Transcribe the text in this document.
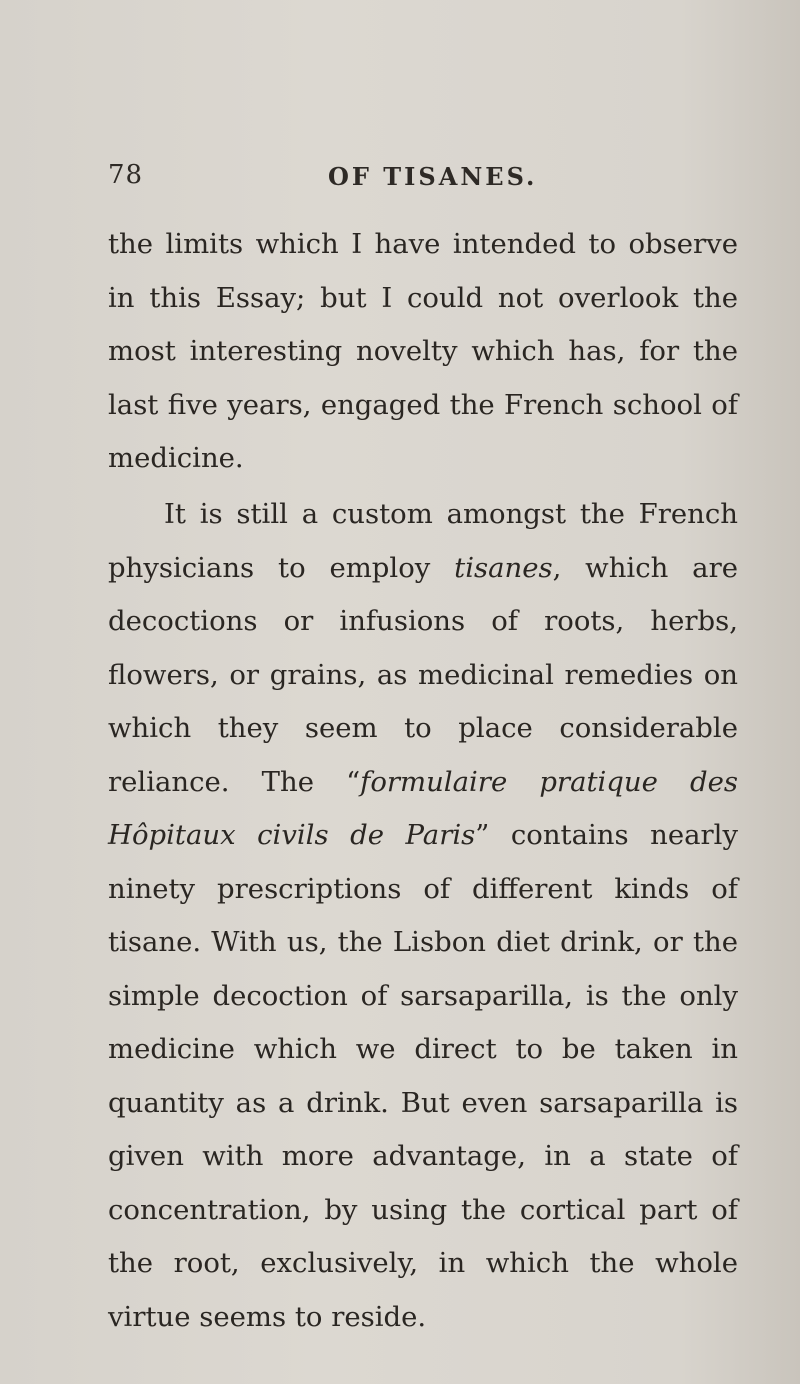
78	OF TISANES.

the limits which I have intended to observe in this Essay; but I could not overlook the most interesting novelty which has, for the last five years, engaged the French school of medicine.

It is still a custom amongst the French physicians to employ tisanes, which are decoctions or infusions of roots, herbs, flowers, or grains, as medicinal remedies on which they seem to place considerable reliance. The “formulaire pratique des Hôpitaux civils de Paris” contains nearly ninety prescriptions of different kinds of tisane. With us, the Lisbon diet drink, or the simple decoction of sarsaparilla, is the only medicine which we direct to be taken in quantity as a drink. But even sarsaparilla is given with more advantage, in a state of concentration, by using the cortical part of the root, exclusively, in which the whole virtue seems to reside.
